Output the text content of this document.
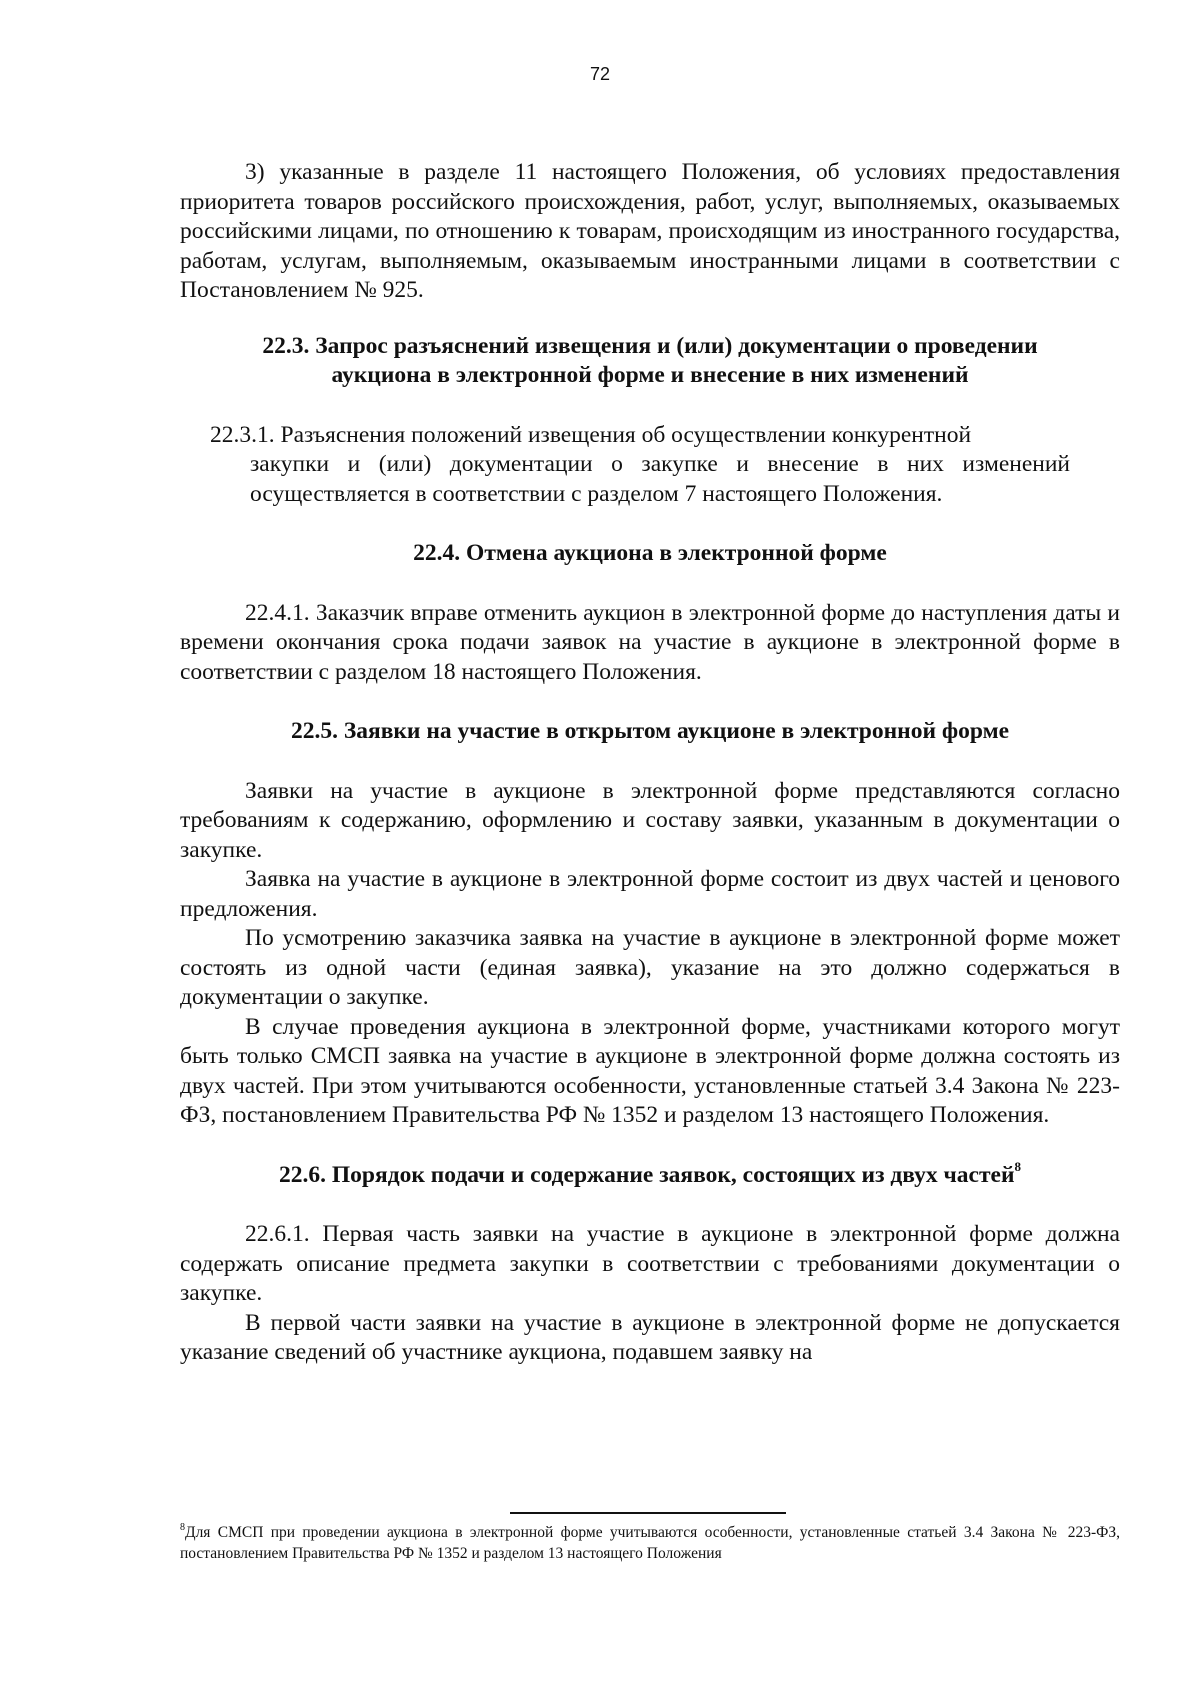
72

3) указанные в разделе 11 настоящего Положения, об условиях предоставления приоритета товаров российского происхождения, работ, услуг, выполняемых, оказываемых российскими лицами, по отношению к товарам, происходящим из иностранного государства, работам, услугам, выполняемым, оказываемым иностранными лицами в соответствии с Постановлением № 925.

22.3. Запрос разъяснений извещения и (или) документации о проведении
аукциона в электронной форме и внесение в них изменений

22.3.1. Разъяснения положений извещения об осуществлении конкурентной

закупки и (или) документации о закупке и внесение в них изменений осуществляется в соответствии с разделом 7 настоящего Положения.

22.4. Отмена аукциона в электронной форме

22.4.1. Заказчик вправе отменить аукцион в электронной форме до наступления даты и времени окончания срока подачи заявок на участие в аукционе в электронной форме в соответствии с разделом 18 настоящего Положения.

22.5. Заявки на участие в открытом аукционе в электронной форме

Заявки на участие в аукционе в электронной форме представляются согласно требованиям к содержанию, оформлению и составу заявки, указанным в документации о закупке.

Заявка на участие в аукционе в электронной форме состоит из двух частей и ценового предложения.

По усмотрению заказчика заявка на участие в аукционе в электронной форме может состоять из одной части (единая заявка), указание на это должно содержаться в документации о закупке.

В случае проведения аукциона в электронной форме, участниками которого могут быть только СМСП заявка на участие в аукционе в электронной форме должна состоять из двух частей. При этом учитываются особенности, установленные статьей 3.4 Закона № 223-ФЗ, постановлением Правительства РФ № 1352 и разделом 13 настоящего Положения.

22.6. Порядок подачи и содержание заявок, состоящих из двух частей$^8$

22.6.1. Первая часть заявки на участие в аукционе в электронной форме должна содержать описание предмета закупки в соответствии с требованиями документации о закупке.

В первой части заявки на участие в аукционе в электронной форме не допускается указание сведений об участнике аукциона, подавшем заявку на

$^8$Для СМСП при проведении аукциона в электронной форме учитываются особенности, установленные статьей 3.4 Закона № 223-ФЗ, постановлением Правительства РФ № 1352 и разделом 13 настоящего Положения
